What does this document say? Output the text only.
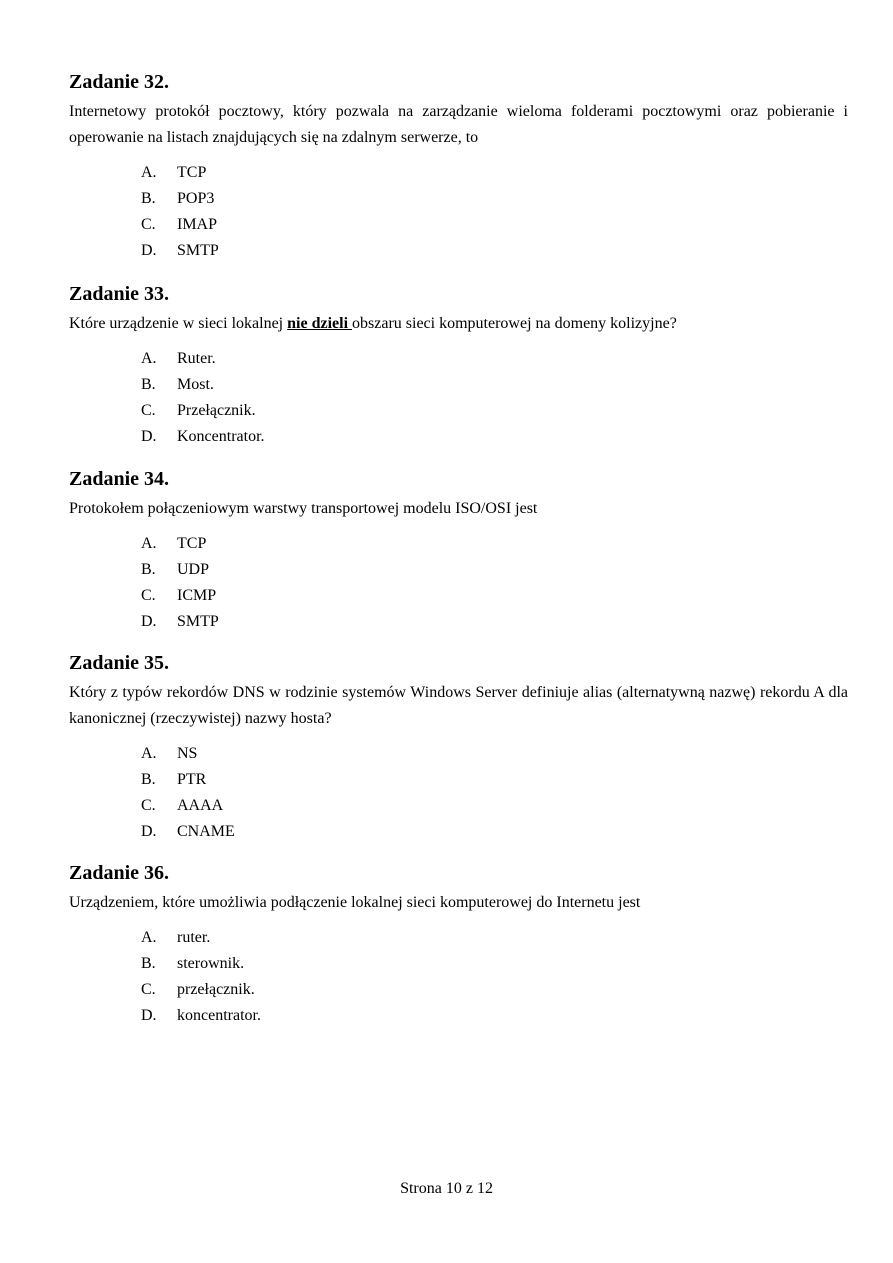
Zadanie 32.

Internetowy protokół pocztowy, który pozwala na zarządzanie wieloma folderami pocztowymi oraz pobieranie i operowanie na listach znajdujących się na zdalnym serwerze, to

A. TCP
B. POP3
C. IMAP
D. SMTP
Zadanie 33.

Które urządzenie w sieci lokalnej nie dzieli obszaru sieci komputerowej na domeny kolizyjne?

A. Ruter.
B. Most.
C. Przełącznik.
D. Koncentrator.
Zadanie 34.

Protokołem połączeniowym warstwy transportowej modelu ISO/OSI jest

A. TCP
B. UDP
C. ICMP
D. SMTP
Zadanie 35.

Który z typów rekordów DNS w rodzinie systemów Windows Server definiuje alias (alternatywną nazwę) rekordu A dla kanonicznej (rzeczywistej) nazwy hosta?

A. NS
B. PTR
C. AAAA
D. CNAME
Zadanie 36.

Urządzeniem, które umożliwia podłączenie lokalnej sieci komputerowej do Internetu jest

A. ruter.
B. sterownik.
C. przełącznik.
D. koncentrator.
Strona 10 z 12
